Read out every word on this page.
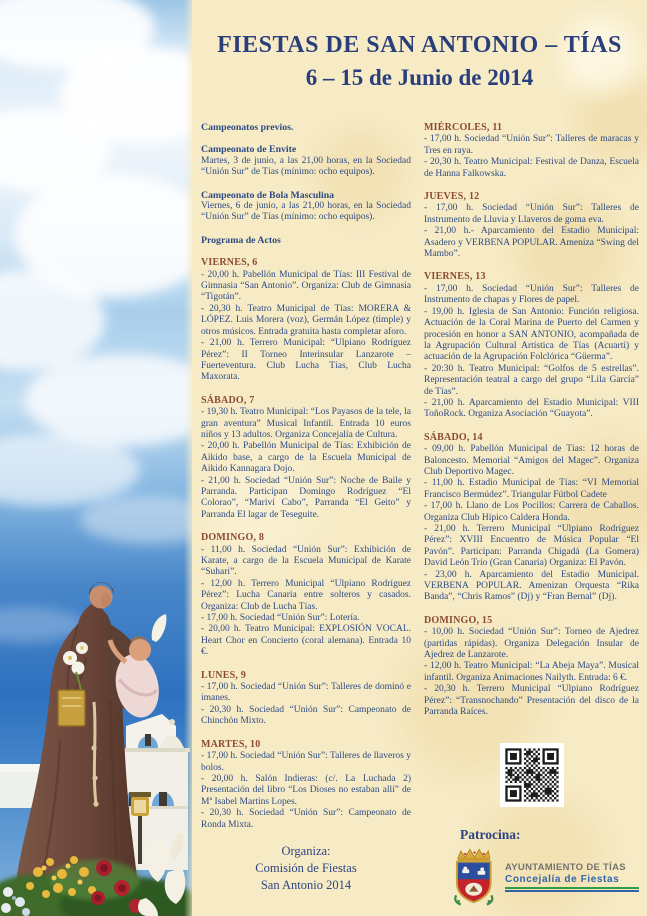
FIESTAS DE SAN ANTONIO – TÍAS

6 – 15 de Junio de 2014

Campeonatos previos.

Campeonato de Envite

Martes, 3 de junio, a las 21,00 horas, en la Sociedad “Unión Sur” de Tías (mínimo: ocho equipos).

Campeonato de Bola Masculina

Viernes, 6 de junio, a las 21,00 horas, en la Sociedad “Unión Sur” de Tías (mínimo: ocho equipos).

Programa de Actos

VIERNES, 6

- 20,00 h. Pabellón Municipal de Tías: III Festival de Gimnasia “San Antonio”. Organiza: Club de Gimnasia “Tigotán”.

- 20,30 h. Teatro Municipal de Tías: MORERA & LÓPEZ. Luis Morera (voz), Germán López (timple) y otros músicos. Entrada gratuita hasta completar aforo.

- 21,00 h. Terrero Municipal: “Ulpiano Rodríguez Pérez”: II Torneo Interinsular Lanzarote – Fuerteventura. Club Lucha Tías, Club Lucha Maxorata.

SÁBADO, 7

- 19,30 h. Teatro Municipal: “Los Payasos de la tele, la gran aventura” Musical Infantil. Entrada 10 euros niños y 13 adultos. Organiza Concejalía de Cultura.

- 20,00 h. Pabellón Municipal de Tías: Exhibición de Aikido base, a cargo de la Escuela Municipal de Aikido Kannagara Dojo.

- 21,00 h. Sociedad “Unión Sur”: Noche de Baile y Parranda. Participan Domingo Rodríguez “El Colorao”, “Mariví Cabo”, Parranda “El Geito” y Parranda El lagar de Teseguite.

DOMINGO, 8

- 11,00 h. Sociedad “Unión Sur”: Exhibición de Karate, a cargo de la Escuela Municipal de Karate “Suhari”.

- 12,00 h. Terrero Municipal “Ulpiano Rodríguez Pérez”: Lucha Canaria entre solteros y casados. Organiza: Club de Lucha Tías.

- 17,00 h. Sociedad “Unión Sur”: Lotería.

- 20,00 h. Teatro Municipal: EXPLOSIÓN VOCAL. Heart Chor en Concierto (coral alemana). Entrada 10 €.

LUNES, 9

- 17,00 h. Sociedad “Unión Sur”: Talleres de dominó e imanes.

- 20,30 h. Sociedad “Unión Sur”: Campeonato de Chinchón Mixto.

MARTES, 10

- 17,00 h. Sociedad “Unión Sur”: Talleres de llaveros y bolos.

- 20,00 h. Salón Indieras: (c/. La Luchada 2) Presentación del libro “Los Dioses no estaban allí” de Mª Isabel Martins Lopes.

- 20,30 h. Sociedad “Unión Sur”: Campeonato de Ronda Mixta.

MIÉRCOLES, 11

- 17,00 h. Sociedad “Unión Sur”: Talleres de maracas y Tres en raya.

- 20,30 h. Teatro Municipal: Festival de Danza, Escuela de Hanna Falkowska.

JUEVES, 12

- 17,00 h. Sociedad “Unión Sur”: Talleres de Instrumento de Lluvia y Llaveros de goma eva.

- 21,00 h.- Aparcamiento del Estadio Municipal: Asadero y VERBENA POPULAR. Ameniza “Swing del Mambo”.

VIERNES, 13

- 17,00 h. Sociedad “Unión Sur”: Talleres de Instrumento de chapas y Flores de papel.

- 19,00 h. Iglesia de San Antonio: Función religiosa. Actuación de la Coral Marina de Puerto del Carmen y procesión en honor a SAN ANTONIO, acompañada de la Agrupación Cultural Artística de Tías (Acuarti) y actuación de la Agrupación Folclórica “Güerma”.

- 20:30 h. Teatro Municipal: “Golfos de 5 estrellas”. Representación teatral a cargo del grupo “Lila García” de Tías”.

- 21,00 h. Aparcamiento del Estadio Municipal: VIII ToñoRock. Organiza Asociación “Guayota”.

SÁBADO, 14

- 09,00 h. Pabellón Municipal de Tías: 12 horas de Baloncesto. Memorial “Amigos del Magec”. Organiza Club Deportivo Magec.

- 11,00 h. Estadio Municipal de Tías: “VI Memorial Francisco Bermúdez”. Triangular Fútbol Cadete

- 17,00 h. Llano de Los Pocillos: Carrera de Caballos. Organiza Club Hípico Caldera Honda.

- 21,00 h. Terrero Municipal “Ulpiano Rodríguez Pérez”: XVIII Encuentro de Música Popular “El Pavón”. Participan: Parranda Chigadá (La Gomera) David León Trío (Gran Canaria) Organiza: El Pavón.

- 23,00 h. Aparcamiento del Estadio Municipal. VERBENA POPULAR. Amenizan Orquesta “Rika Banda”, “Chris Ramos” (Dj) y “Fran Bernal” (Dj).

DOMINGO, 15

- 10,00 h. Sociedad “Unión Sur”: Torneo de Ajedrez (partidas rápidas). Organiza Delegación Insular de Ajedrez de Lanzarote.

- 12,00 h. Teatro Municipal: “La Abeja Maya”. Musical infantil. Organiza Animaciones Nailyth. Entrada: 6 €.

- 20,30 h. Terrero Municipal “Ulpiano Rodríguez Pérez”: “Transnochando” Presentación del disco de la Parranda Raíces.

Organiza:
Comisión de Fiestas
San Antonio 2014
Patrocina:
AYUNTAMIENTO DE TÍAS
Concejalía de Fiestas
